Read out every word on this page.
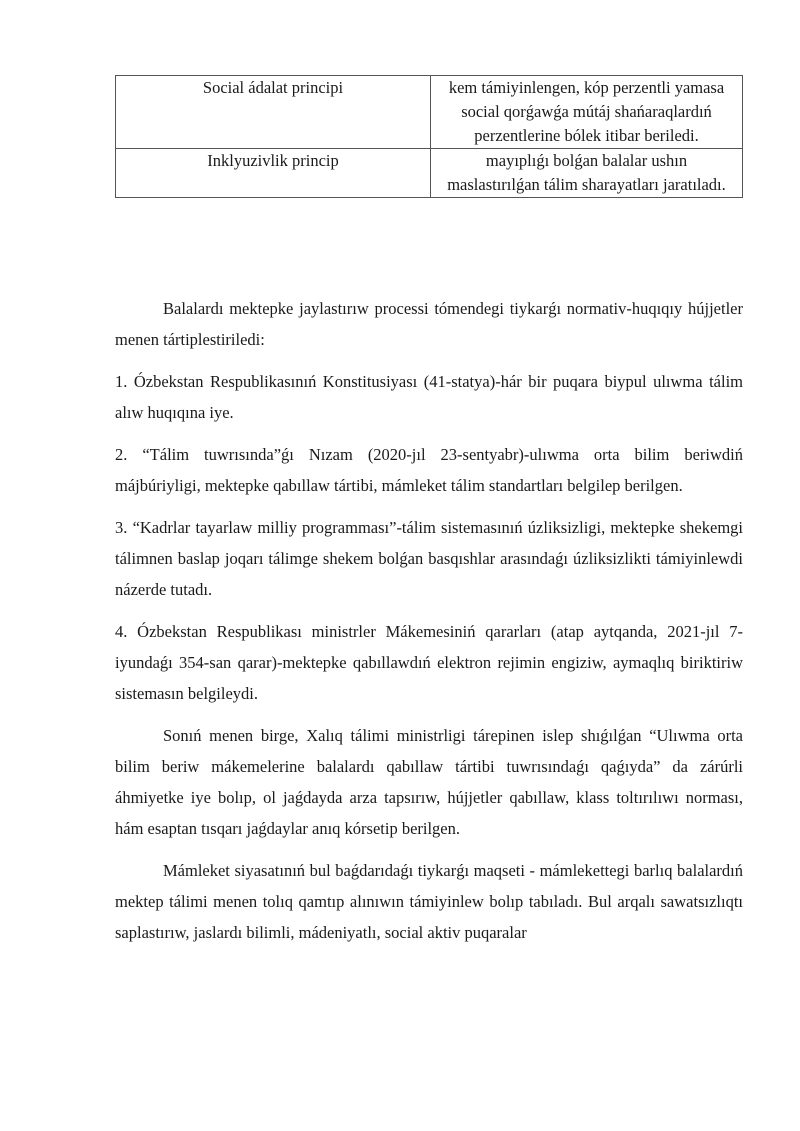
Social ádalat principi	kem támiyinlengen, kóp perzentli yamasa social qorǵawǵa mútáj shańaraqlardıń perzentlerine bólek itibar beriledi.
Inklyuzivlik princip	mayıplıǵı bolǵan balalar ushın maslastırılǵan tálim sharayatları jaratıladı.

Balalardı mektepke jaylastırıw processi tómendegi tiykarǵı normativ-huqıqıy hújjetler menen tártiplestiriledi:

1. Ózbekstan Respublikasınıń Konstitusiyası (41-statya)-hár bir puqara biypul ulıwma tálim alıw huqıqına iye.

2. “Tálim tuwrısında”ǵı Nızam (2020-jıl 23-sentyabr)-ulıwma orta bilim beriwdiń májbúriyligi, mektepke qabıllaw tártibi, mámleket tálim standartları belgilep berilgen.

3. “Kadrlar tayarlaw milliy programması”-tálim sistemasınıń úzliksizligi, mektepke shekemgi tálimnen baslap joqarı tálimge shekem bolǵan basqıshlar arasındaǵı úzliksizlikti támiyinlewdi názerde tutadı.

4. Ózbekstan Respublikası ministrler Mákemesiniń qararları (atap aytqanda, 2021-jıl 7-iyundaǵı 354-san qarar)-mektepke qabıllawdıń elektron rejimin engiziw, aymaqlıq biriktiriw sistemasın belgileydi.

Sonıń menen birge, Xalıq tálimi ministrligi tárepinen islep shıǵılǵan “Ulıwma orta bilim beriw mákemelerine balalardı qabıllaw tártibi tuwrısındaǵı qaǵıyda” da zárúrli áhmiyetke iye bolıp, ol jaǵdayda arza tapsırıw, hújjetler qabıllaw, klass toltırılıwı norması, hám esaptan tısqarı jaǵdaylar anıq kórsetip berilgen.

Mámleket siyasatınıń bul baǵdarıdaǵı tiykarǵı maqseti - mámlekettegi barlıq balalardıń mektep tálimi menen tolıq qamtıp alınıwın támiyinlew bolıp tabıladı. Bul arqalı sawatsızlıqtı saplastırıw, jaslardı bilimli, mádeniyatlı, social aktiv puqaralar
